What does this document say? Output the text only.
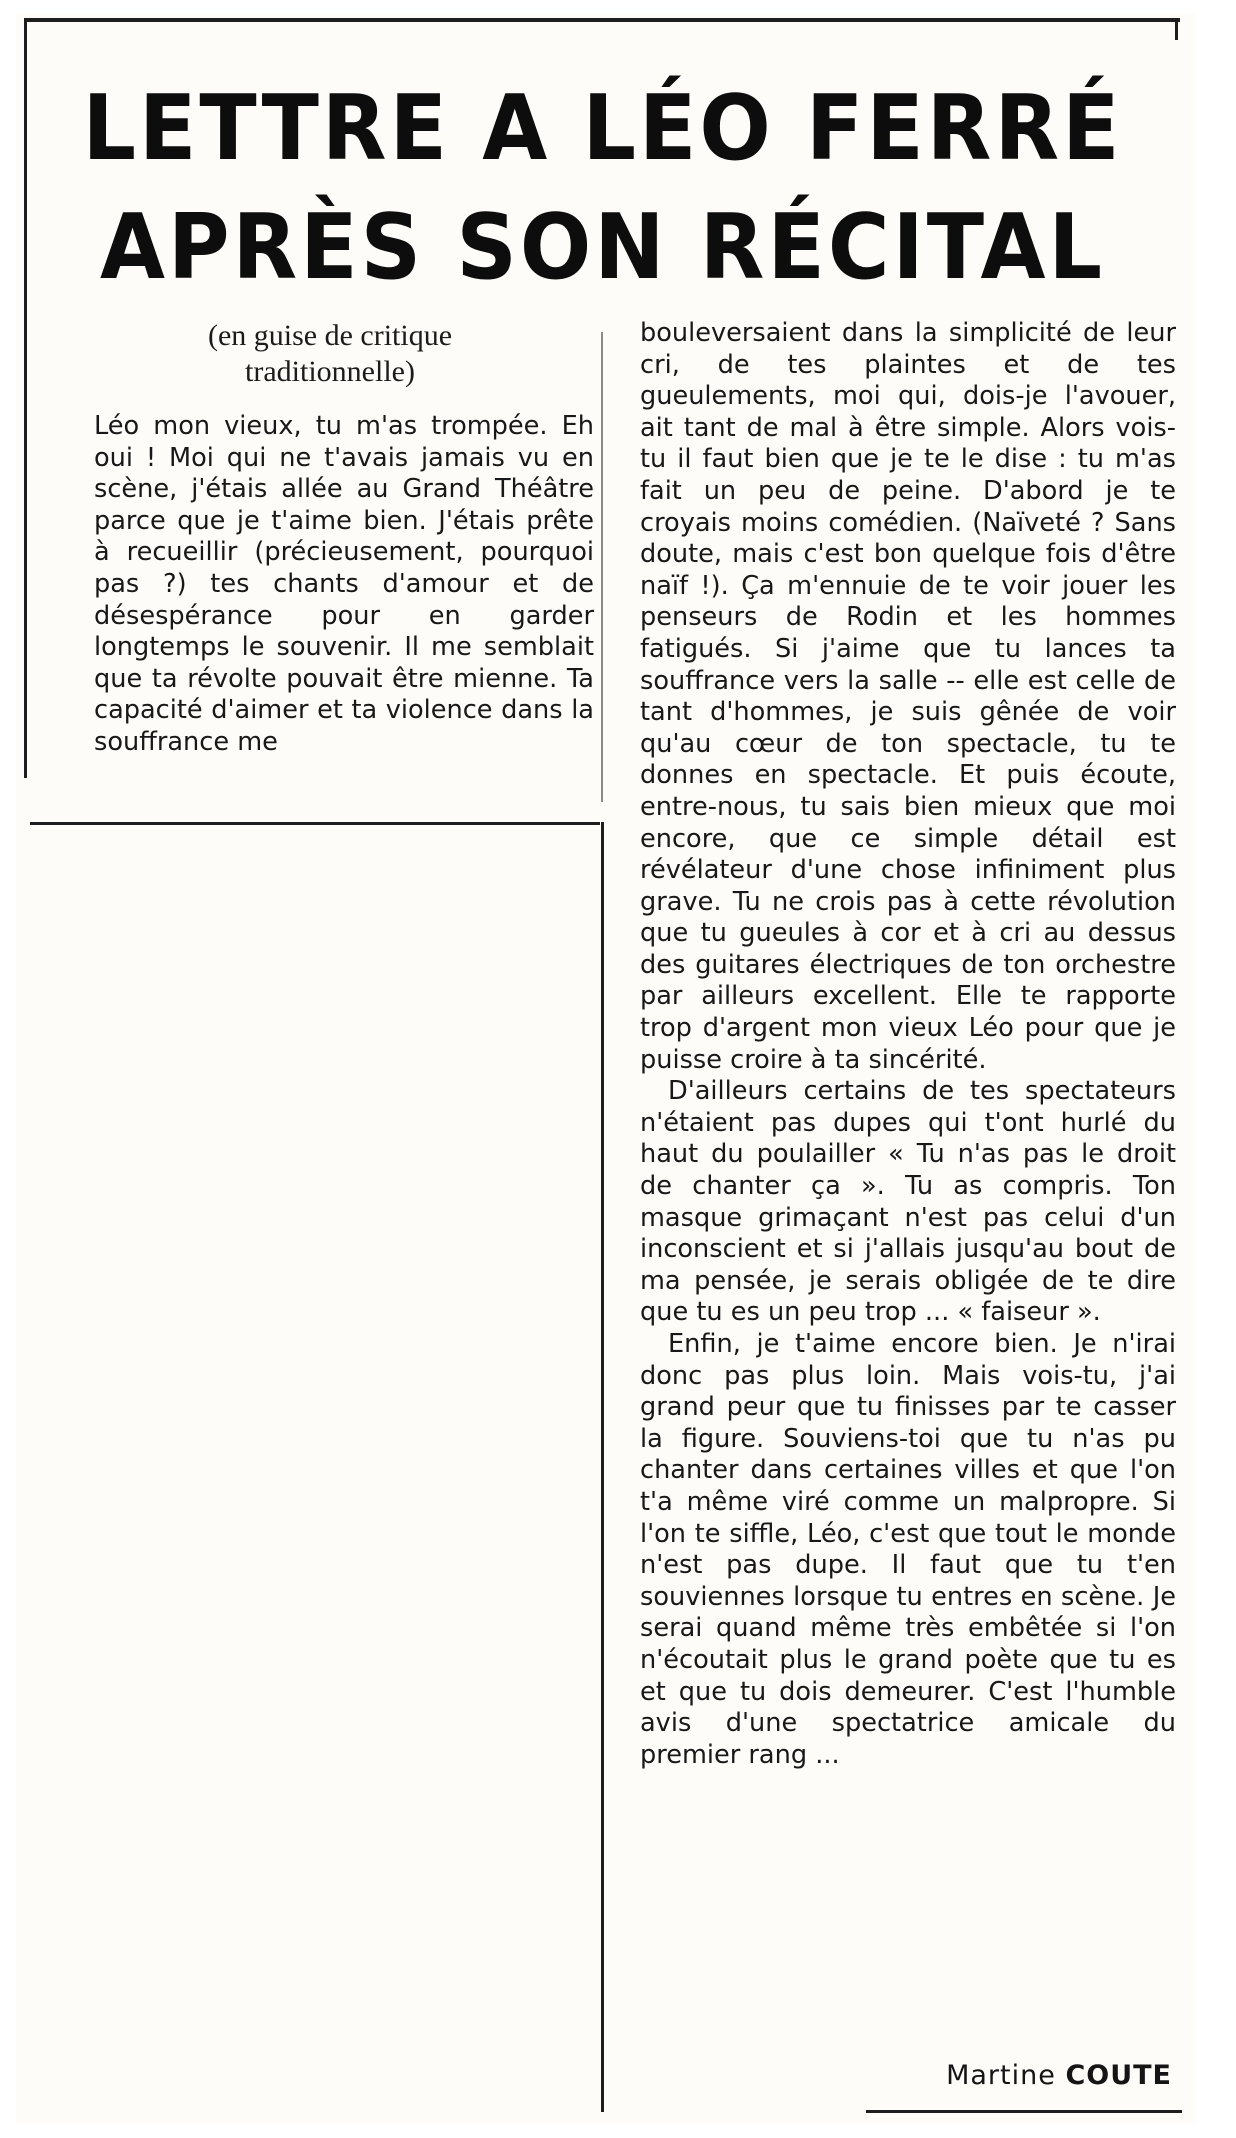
LETTRE A LÉO FERRÉ
APRÈS SON RÉCITAL
(en guise de critique
traditionnelle)

Léo mon vieux, tu m'as trompée. Eh oui ! Moi qui ne t'avais jamais vu en scène, j'étais allée au Grand Théâtre parce que je t'aime bien. J'étais prête à recueillir (précieusement, pourquoi pas ?) tes chants d'amour et de désespérance pour en garder longtemps le souvenir. Il me semblait que ta révolte pouvait être mienne. Ta capacité d'aimer et ta violence dans la souffrance me

bouleversaient dans la simplicité de leur cri, de tes plaintes et de tes gueulements, moi qui, dois-je l'avouer, ait tant de mal à être simple. Alors vois-tu il faut bien que je te le dise : tu m'as fait un peu de peine. D'abord je te croyais moins comédien. (Naïveté ? Sans doute, mais c'est bon quelque fois d'être naïf !). Ça m'ennuie de te voir jouer les penseurs de Rodin et les hommes fatigués. Si j'aime que tu lances ta souffrance vers la salle -- elle est celle de tant d'hommes, je suis gênée de voir qu'au cœur de ton spectacle, tu te donnes en spectacle. Et puis écoute, entre-nous, tu sais bien mieux que moi encore, que ce simple détail est révélateur d'une chose infiniment plus grave. Tu ne crois pas à cette révolution que tu gueules à cor et à cri au dessus des guitares électriques de ton orchestre par ailleurs excellent. Elle te rapporte trop d'argent mon vieux Léo pour que je puisse croire à ta sincérité.

D'ailleurs certains de tes spectateurs n'étaient pas dupes qui t'ont hurlé du haut du poulailler « Tu n'as pas le droit de chanter ça ». Tu as compris. Ton masque grimaçant n'est pas celui d'un inconscient et si j'allais jusqu'au bout de ma pensée, je serais obligée de te dire que tu es un peu trop ... « faiseur ».

Enfin, je t'aime encore bien. Je n'irai donc pas plus loin. Mais vois-tu, j'ai grand peur que tu finisses par te casser la figure. Souviens-toi que tu n'as pu chanter dans certaines villes et que l'on t'a même viré comme un malpropre. Si l'on te siffle, Léo, c'est que tout le monde n'est pas dupe. Il faut que tu t'en souviennes lorsque tu entres en scène. Je serai quand même très embêtée si l'on n'écoutait plus le grand poète que tu es et que tu dois demeurer. C'est l'humble avis d'une spectatrice amicale du premier rang ...

Martine COUTE
